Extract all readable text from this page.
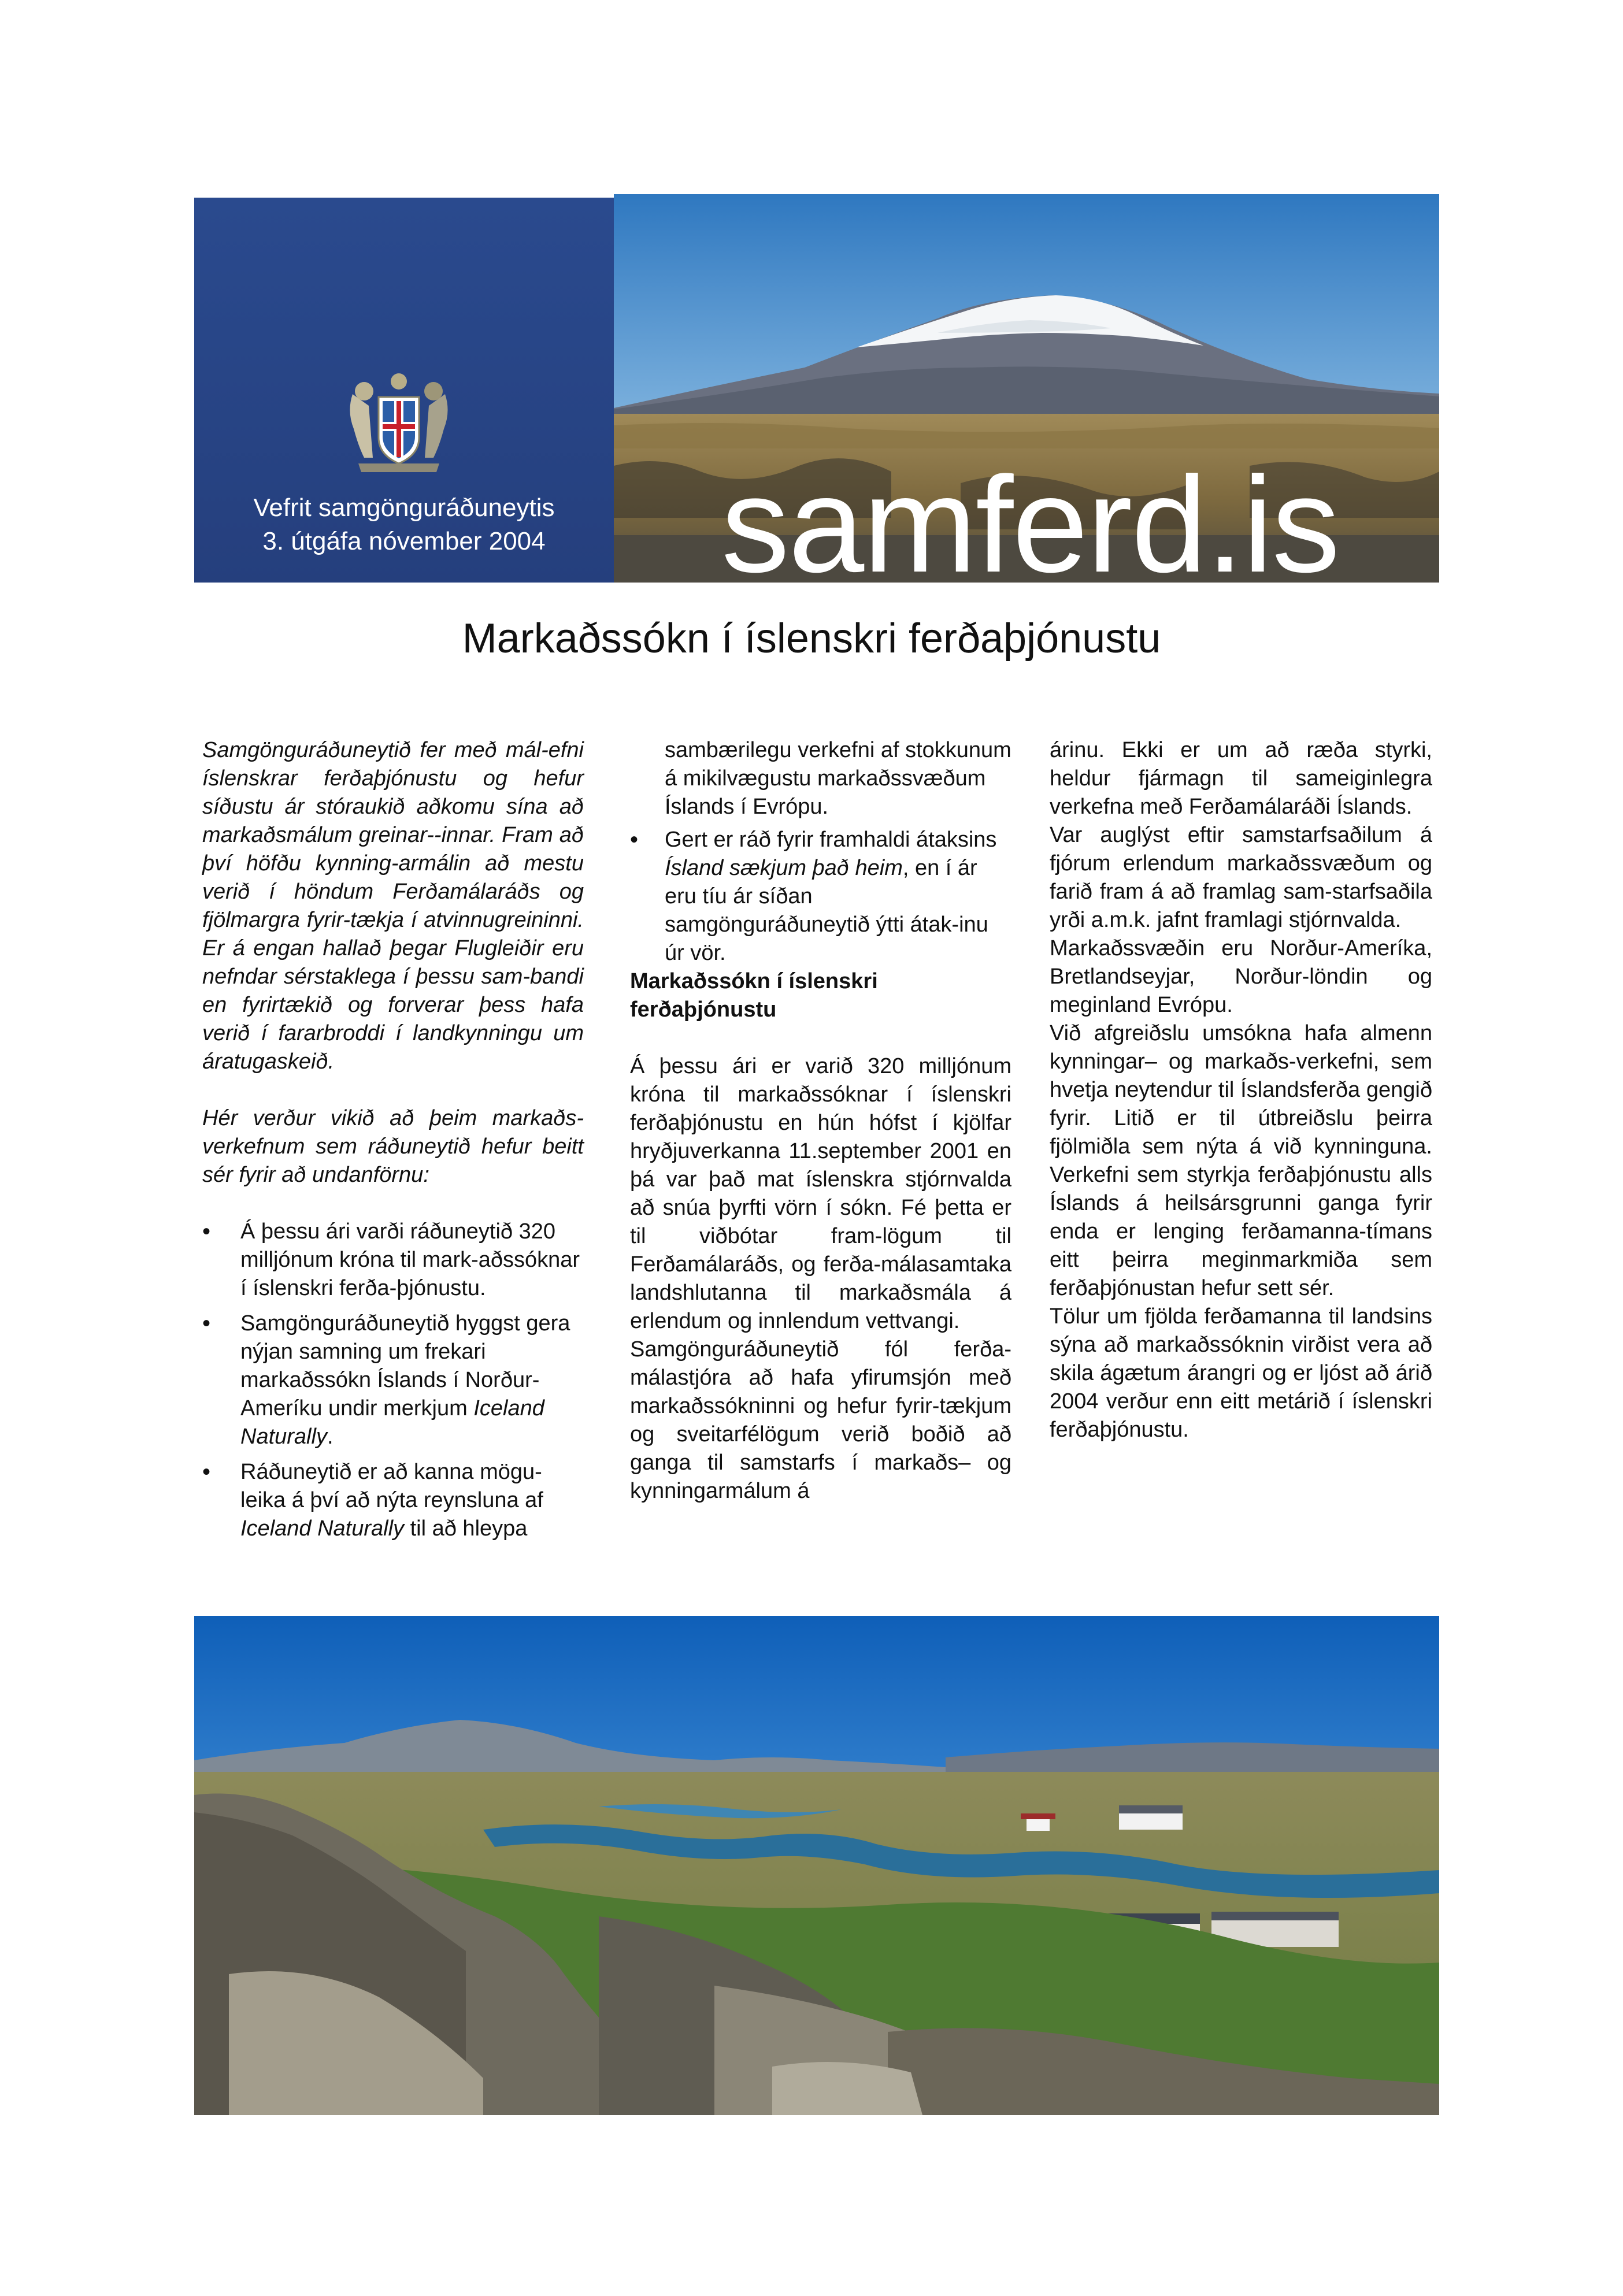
Vefrit samgönguráðuneytis
3. útgáfa nóvember 2004	samferd.is
Markaðssókn í íslenskri ferðaþjónustu

Samgönguráðuneytið fer með mál-efni íslenskrar ferðaþjónustu og hefur síðustu ár stóraukið aðkomu sína að markaðsmálum greinar--innar. Fram að því höfðu kynning-armálin að mestu verið í höndum Ferðamálaráðs og fjölmargra fyrir-tækja í atvinnugreininni. Er á engan hallað þegar Flugleiðir eru nefndar sérstaklega í þessu sam-bandi en fyrirtækið og forverar þess hafa verið í fararbroddi í landkynningu um áratugaskeið.

Hér verður vikið að þeim markaðs-verkefnum sem ráðuneytið hefur beitt sér fyrir að undanförnu:

• Á þessu ári varði ráðuneytið 320 milljónum króna til mark-aðssóknar í íslenskri ferða-þjónustu.
• Samgönguráðuneytið hyggst gera nýjan samning um frekari markaðssókn Íslands í Norður-Ameríku undir merkjum Iceland Naturally.
• Ráðuneytið er að kanna mögu-leika á því að nýta reynsluna af Iceland Naturally til að hleypa
sambærilegu verkefni af stokkunum á mikilvægustu markaðssvæðum Íslands í Evrópu.
• Gert er ráð fyrir framhaldi átaksins Ísland sækjum það heim, en í ár eru tíu ár síðan samgönguráðuneytið ýtti átak-inu úr vör.

Markaðssókn í íslenskri ferðaþjónustu

Á þessu ári er varið 320 milljónum króna til markaðssóknar í íslenskri ferðaþjónustu en hún hófst í kjölfar hryðjuverkanna 11.september 2001 en þá var það mat íslenskra stjórnvalda að snúa þyrfti vörn í sókn. Fé þetta er til viðbótar fram-lögum til Ferðamálaráðs, og ferða-málasamtaka landshlutanna til markaðsmála á erlendum og innlendum vettvangi.

Samgönguráðuneytið fól ferða-málastjóra að hafa yfirumsjón með markaðssókninni og hefur fyrir-tækjum og sveitarfélögum verið boðið að ganga til samstarfs í markaðs– og kynningarmálum á

árinu. Ekki er um að ræða styrki, heldur fjármagn til sameiginlegra verkefna með Ferðamálaráði Íslands.

Var auglýst eftir samstarfsaðilum á fjórum erlendum markaðssvæðum og farið fram á að framlag sam-starfsaðila yrði a.m.k. jafnt framlagi stjórnvalda.

Markaðssvæðin eru Norður-Ameríka, Bretlandseyjar, Norður-löndin og meginland Evrópu.

Við afgreiðslu umsókna hafa almenn kynningar– og markaðs-verkefni, sem hvetja neytendur til Íslandsferða gengið fyrir. Litið er til útbreiðslu þeirra fjölmiðla sem nýta á við kynninguna. Verkefni sem styrkja ferðaþjónustu alls Íslands á heilsársgrunni ganga fyrir enda er lenging ferðamanna-tímans eitt þeirra meginmarkmiða sem ferðaþjónustan hefur sett sér.

Tölur um fjölda ferðamanna til landsins sýna að markaðssóknin virðist vera að skila ágætum árangri og er ljóst að árið 2004 verður enn eitt metárið í íslenskri ferðaþjónustu.
